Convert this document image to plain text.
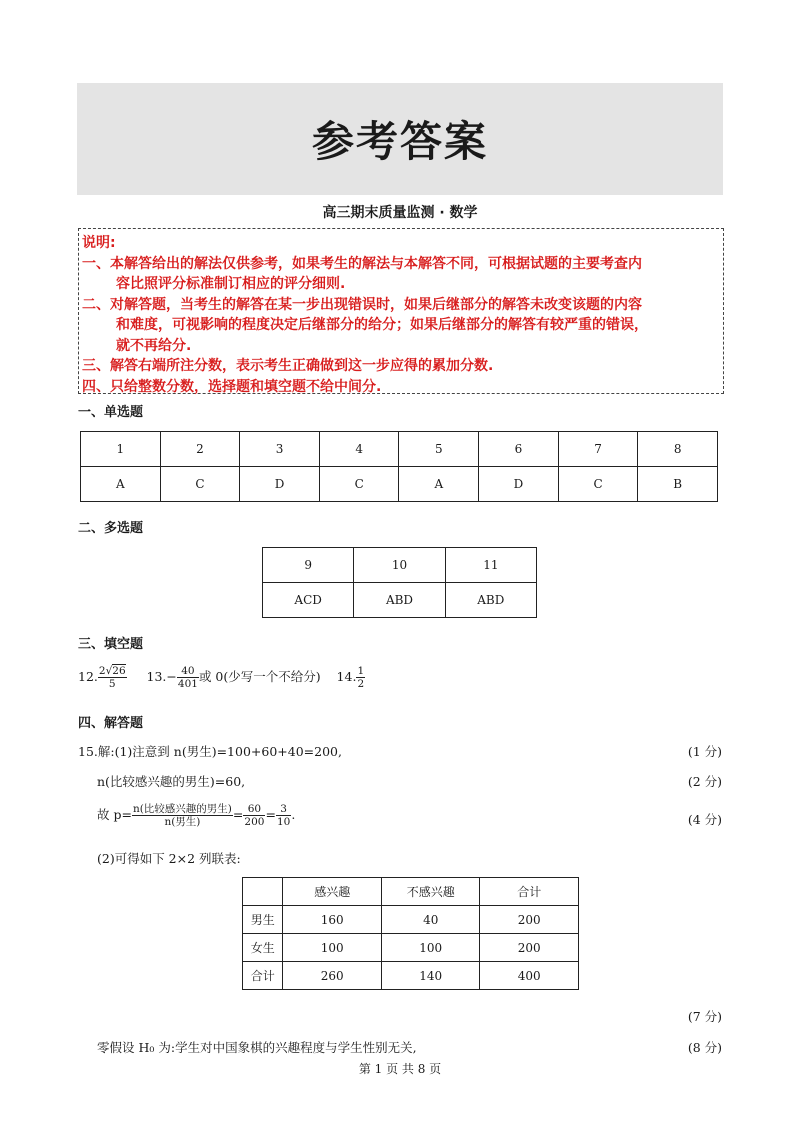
参考答案
高三期末质量监测 · 数学
说明:
一、本解答给出的解法仅供参考，如果考生的解法与本解答不同，可根据试题的主要考查内
容比照评分标准制订相应的评分细则.
二、对解答题，当考生的解答在某一步出现错误时，如果后继部分的解答未改变该题的内容
和难度，可视影响的程度决定后继部分的给分；如果后继部分的解答有较严重的错误，
就不再给分.
三、解答右端所注分数，表示考生正确做到这一步应得的累加分数.
四、只给整数分数，选择题和填空题不给中间分.
一、单选题
1	2	3	4	5	6	7	8
A	C	D	C	A	D	C	B
二、多选题
9	10	11
ACD	ABD	ABD
三、填空题
12. $\frac{2√26}{5} 13.- \frac{40}{401}$ 或 0(少写一个不给分) 14. $\frac{1}{2}$
四、解答题
15.解:(1)注意到 n(男生)=100+60+40=200,	(1 分)
n(比较感兴趣的男生)=60,	(2 分)
故 $p= \frac{\text{n(比较感兴趣的男生)}}{\text{n(男生)}} = \frac{60}{200} = \frac{3}{10}$ .	(4 分)
(2)可得如下 2×2 列联表:
	感兴趣	不感兴趣	合计
男生	160	40	200
女生	100	100	200
合计	260	140	400
(7 分)
零假设 H₀ 为:学生对中国象棋的兴趣程度与学生性别无关,	(8 分)
第 1 页 共 8 页
